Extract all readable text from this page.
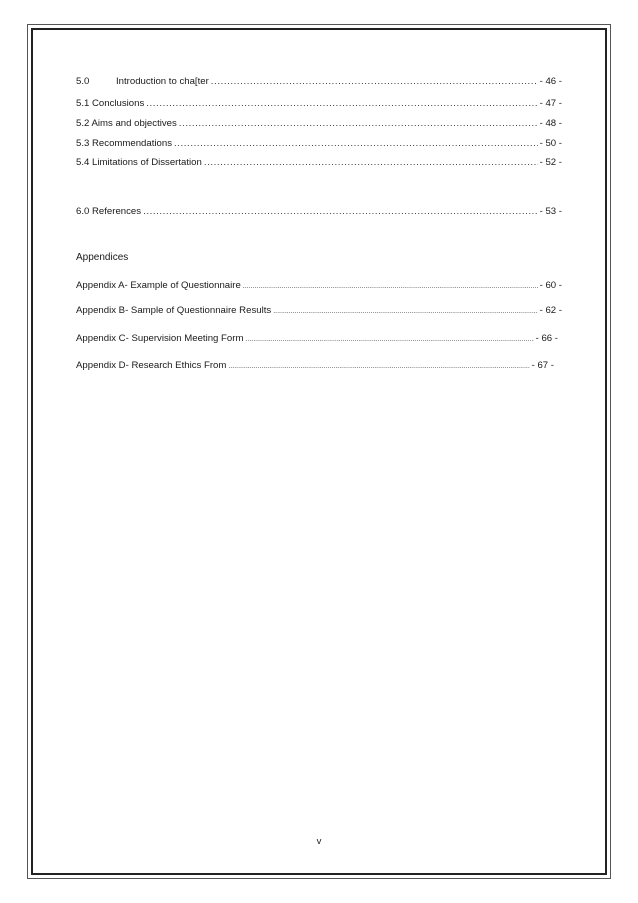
5.0	Introduction to cha[ter .....	- 46 -
5.1 Conclusions .....	- 47 -
5.2 Aims and objectives .....	- 48 -
5.3 Recommendations .....	- 50 -
5.4 Limitations of Dissertation .....	- 52 -
6.0 References .....	- 53 -
Appendices
Appendix A- Example of Questionnaire .....	- 60 -
Appendix B- Sample of Questionnaire Results .....	- 62 -
Appendix C- Supervision Meeting Form .....	- 66 -
Appendix D- Research Ethics From .....	- 67 -
v
